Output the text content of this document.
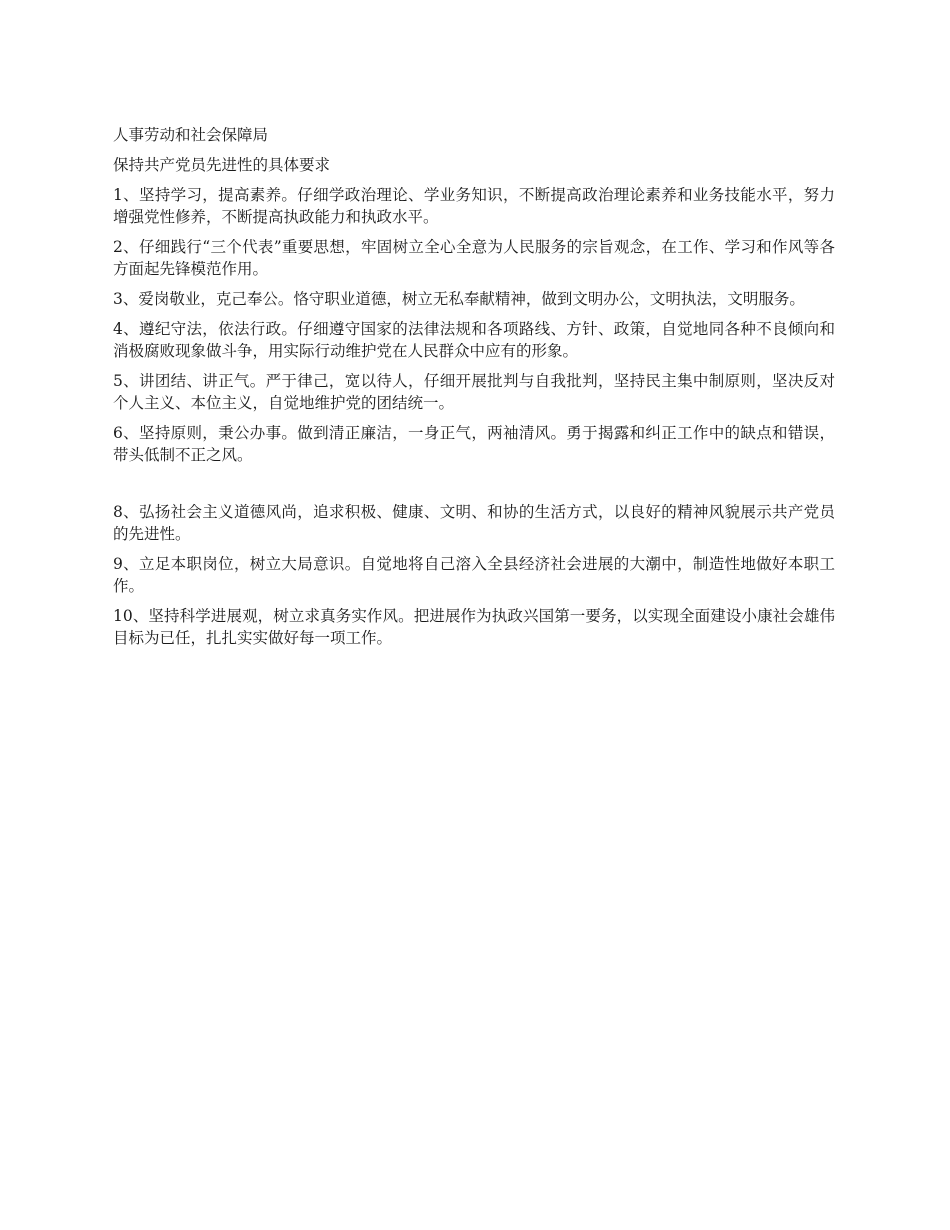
人事劳动和社会保障局

保持共产党员先进性的具体要求

1、坚持学习，提高素养。仔细学政治理论、学业务知识，不断提高政治理论素养和业务技能水平，努力增强党性修养，不断提高执政能力和执政水平。

2、仔细践行“三个代表”重要思想，牢固树立全心全意为人民服务的宗旨观念，在工作、学习和作风等各方面起先锋模范作用。

3、爱岗敬业，克己奉公。恪守职业道德，树立无私奉献精神，做到文明办公，文明执法，文明服务。

4、遵纪守法，依法行政。仔细遵守国家的法律法规和各项路线、方针、政策，自觉地同各种不良倾向和消极腐败现象做斗争，用实际行动维护党在人民群众中应有的形象。

5、讲团结、讲正气。严于律己，宽以待人，仔细开展批判与自我批判，坚持民主集中制原则，坚决反对个人主义、本位主义，自觉地维护党的团结统一。

6、坚持原则，秉公办事。做到清正廉洁，一身正气，两袖清风。勇于揭露和纠正工作中的缺点和错误，带头低制不正之风。

8、弘扬社会主义道德风尚，追求积极、健康、文明、和协的生活方式，以良好的精神风貌展示共产党员的先进性。

9、立足本职岗位，树立大局意识。自觉地将自己溶入全县经济社会进展的大潮中，制造性地做好本职工作。

10、坚持科学进展观，树立求真务实作风。把进展作为执政兴国第一要务，以实现全面建设小康社会雄伟目标为已任，扎扎实实做好每一项工作。
